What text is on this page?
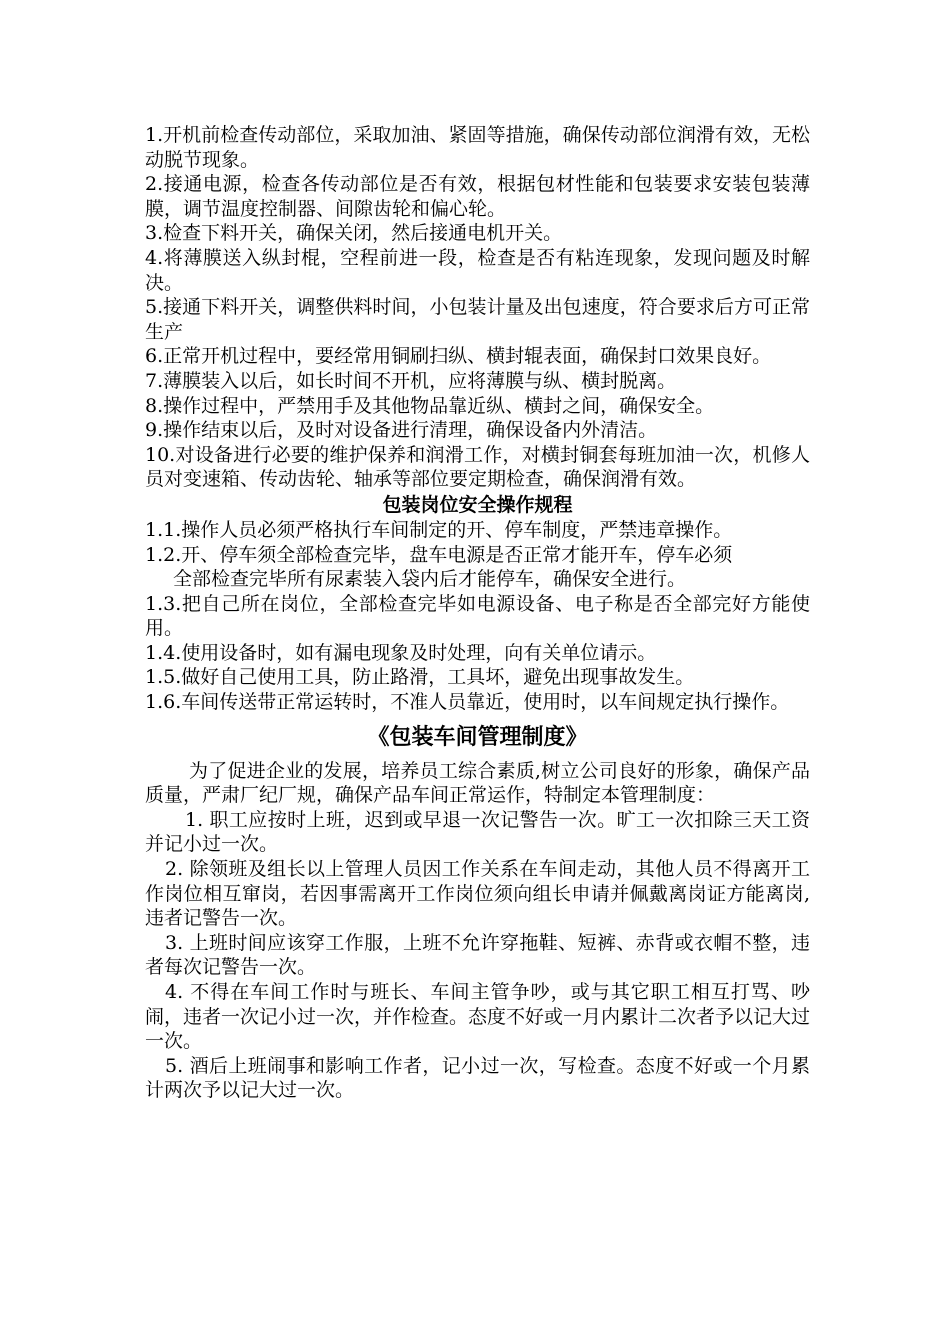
1.开机前检查传动部位，采取加油、紧固等措施，确保传动部位润滑有效，无松动脱节现象。

2.接通电源，检查各传动部位是否有效，根据包材性能和包装要求安装包装薄膜，调节温度控制器、间隙齿轮和偏心轮。

3.检查下料开关，确保关闭，然后接通电机开关。

4.将薄膜送入纵封棍，空程前进一段，检查是否有粘连现象，发现问题及时解决。

5.接通下料开关，调整供料时间，小包装计量及出包速度，符合要求后方可正常生产

6.正常开机过程中，要经常用铜刷扫纵、横封辊表面，确保封口效果良好。

7.薄膜装入以后，如长时间不开机，应将薄膜与纵、横封脱离。

8.操作过程中，严禁用手及其他物品靠近纵、横封之间，确保安全。

9.操作结束以后，及时对设备进行清理，确保设备内外清洁。

10.对设备进行必要的维护保养和润滑工作，对横封铜套每班加油一次，机修人员对变速箱、传动齿轮、轴承等部位要定期检查，确保润滑有效。

包装岗位安全操作规程

1.1.操作人员必须严格执行车间制定的开、停车制度，严禁违章操作。

1.2.开、停车须全部检查完毕，盘车电源是否正常才能开车，停车必须

全部检查完毕所有尿素装入袋内后才能停车，确保安全进行。

1.3.把自己所在岗位，全部检查完毕如电源设备、电子称是否全部完好方能使用。

1.4.使用设备时，如有漏电现象及时处理，向有关单位请示。

1.5.做好自己使用工具，防止路滑，工具坏，避免出现事故发生。

1.6.车间传送带正常运转时，不准人员靠近，使用时，以车间规定执行操作。

《包装车间管理制度》

为了促进企业的发展，培养员工综合素质,树立公司良好的形象，确保产品质量，严肃厂纪厂规，确保产品车间正常运作，特制定本管理制度：

1. 职工应按时上班，迟到或早退一次记警告一次。旷工一次扣除三天工资并记小过一次。

2. 除领班及组长以上管理人员因工作关系在车间走动，其他人员不得离开工作岗位相互窜岗，若因事需离开工作岗位须向组长申请并佩戴离岗证方能离岗,违者记警告一次。

3. 上班时间应该穿工作服，上班不允许穿拖鞋、短裤、赤背或衣帽不整，违者每次记警告一次。

4. 不得在车间工作时与班长、车间主管争吵，或与其它职工相互打骂、吵闹，违者一次记小过一次，并作检查。态度不好或一月内累计二次者予以记大过一次。

5. 酒后上班闹事和影响工作者，记小过一次，写检查。态度不好或一个月累计两次予以记大过一次。
